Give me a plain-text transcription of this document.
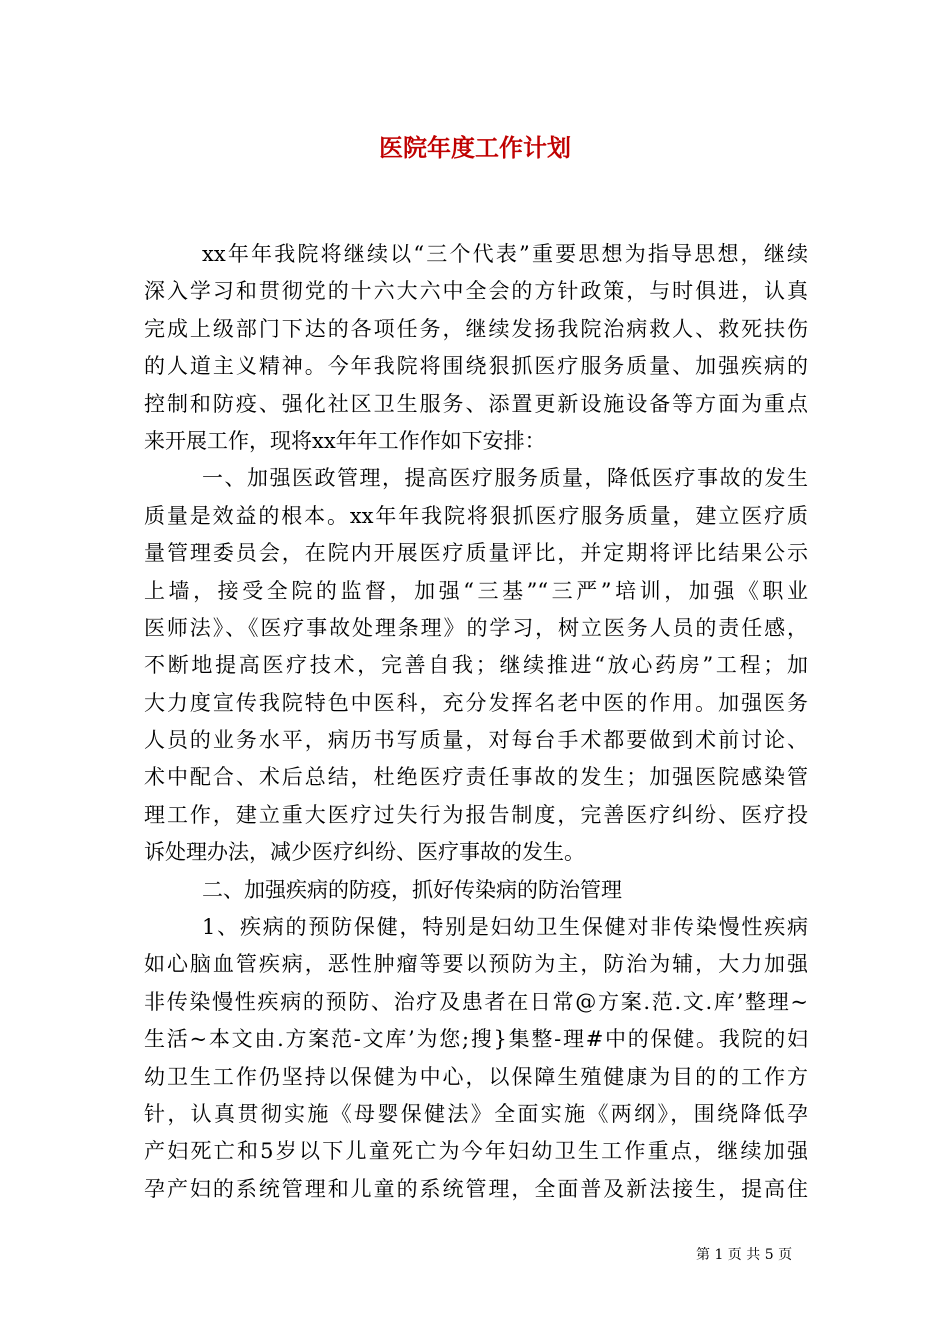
医院年度工作计划
xx年年我院将继续以“三个代表”重要思想为指导思想，继续
深入学习和贯彻党的十六大六中全会的方针政策，与时俱进，认真
完成上级部门下达的各项任务，继续发扬我院治病救人、救死扶伤
的人道主义精神。今年我院将围绕狠抓医疗服务质量、加强疾病的
控制和防疫、强化社区卫生服务、添置更新设施设备等方面为重点
来开展工作，现将xx年年工作作如下安排：
一、加强医政管理，提高医疗服务质量，降低医疗事故的发生
质量是效益的根本。xx年年我院将狠抓医疗服务质量，建立医疗质
量管理委员会，在院内开展医疗质量评比，并定期将评比结果公示
上墙，接受全院的监督，加强“三基”“三严”培训，加强《职业
医师法》、《医疗事故处理条理》的学习，树立医务人员的责任感，
不断地提高医疗技术，完善自我；继续推进“放心药房”工程；加
大力度宣传我院特色中医科，充分发挥名老中医的作用。加强医务
人员的业务水平，病历书写质量，对每台手术都要做到术前讨论、
术中配合、术后总结，杜绝医疗责任事故的发生；加强医院感染管
理工作，建立重大医疗过失行为报告制度，完善医疗纠纷、医疗投
诉处理办法，减少医疗纠纷、医疗事故的发生。
二、加强疾病的防疫，抓好传染病的防治管理
1、疾病的预防保健，特别是妇幼卫生保健对非传染慢性疾病
如心脑血管疾病，恶性肿瘤等要以预防为主，防治为辅，大力加强
非传染慢性疾病的预防、治疗及患者在日常@方案.范.文.库’整理~
生活~本文由.方案范-文库’为您;搜}集整-理#中的保健。我院的妇
幼卫生工作仍坚持以保健为中心，以保障生殖健康为目的的工作方
针，认真贯彻实施《母婴保健法》全面实施《两纲》，围绕降低孕
产妇死亡和5岁以下儿童死亡为今年妇幼卫生工作重点，继续加强
孕产妇的系统管理和儿童的系统管理，全面普及新法接生，提高住
第 1 页 共 5 页
